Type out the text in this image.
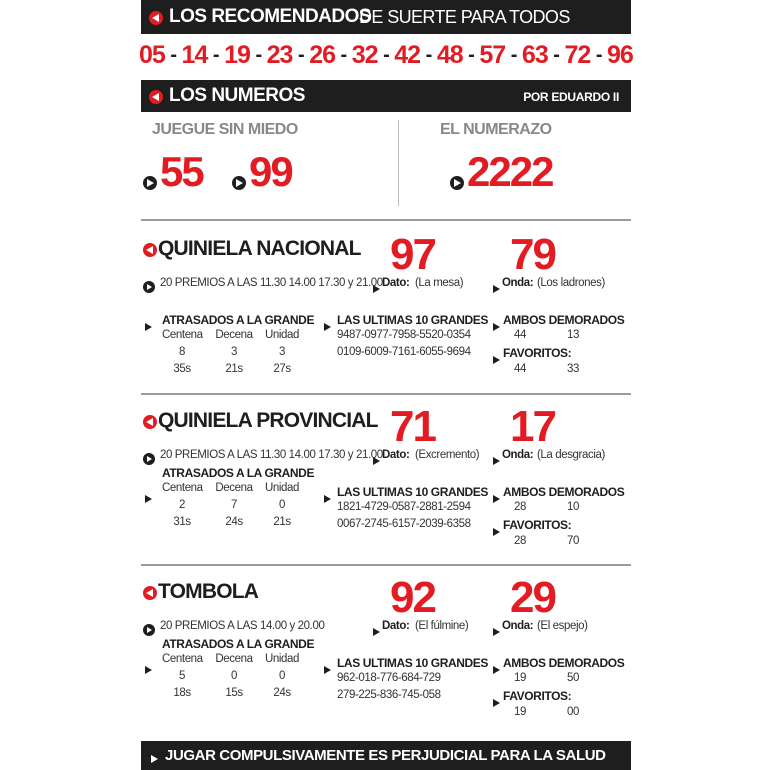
LOS RECOMENDADOS
DE SUERTE PARA TODOS
05 - 14 - 19 - 23 - 26 - 32 - 42 - 48 - 57 - 63 - 72 - 96
LOS NUMEROS	POR EDUARDO II
JUEGUE SIN MIEDO
55 99
EL NUMERAZO
2222
QUINIELA NACIONAL 97 79
20 PREMIOS A LAS 11.30 14.00 17.30 y 21.00 Dato: (La mesa)	Onda: (Los ladrones)
ATRASADOS A LA GRANDE
Centena Decena Unidad
8	3	3
35s	21s	27s
LAS ULTIMAS 10 GRANDES
9487-0977-7958-5520-0354
0109-6009-7161-6055-9694
AMBOS DEMORADOS
44	13
FAVORITOS:
44	33
QUINIELA PROVINCIAL 71 17
20 PREMIOS A LAS 11.30 14.00 17.30 y 21.00 Dato: (Excremento) Onda: (La desgracia)
ATRASADOS A LA GRANDE
Centena Decena Unidad
2	7	0
31s	24s	21s
LAS ULTIMAS 10 GRANDES
1821-4729-0587-2881-2594
0067-2745-6157-2039-6358
AMBOS DEMORADOS
28	10
FAVORITOS:
28	70
TOMBOLA	92 29
20 PREMIOS A LAS 14.00 y 20.00	Dato: (El fúlmine)	Onda: (El espejo)
ATRASADOS A LA GRANDE
Centena Decena Unidad
5	0	0
18s	15s	24s
LAS ULTIMAS 10 GRANDES
962-018-776-684-729
279-225-836-745-058
AMBOS DEMORADOS
19	50
FAVORITOS:
19	00
JUGAR COMPULSIVAMENTE ES PERJUDICIAL PARA LA SALUD
